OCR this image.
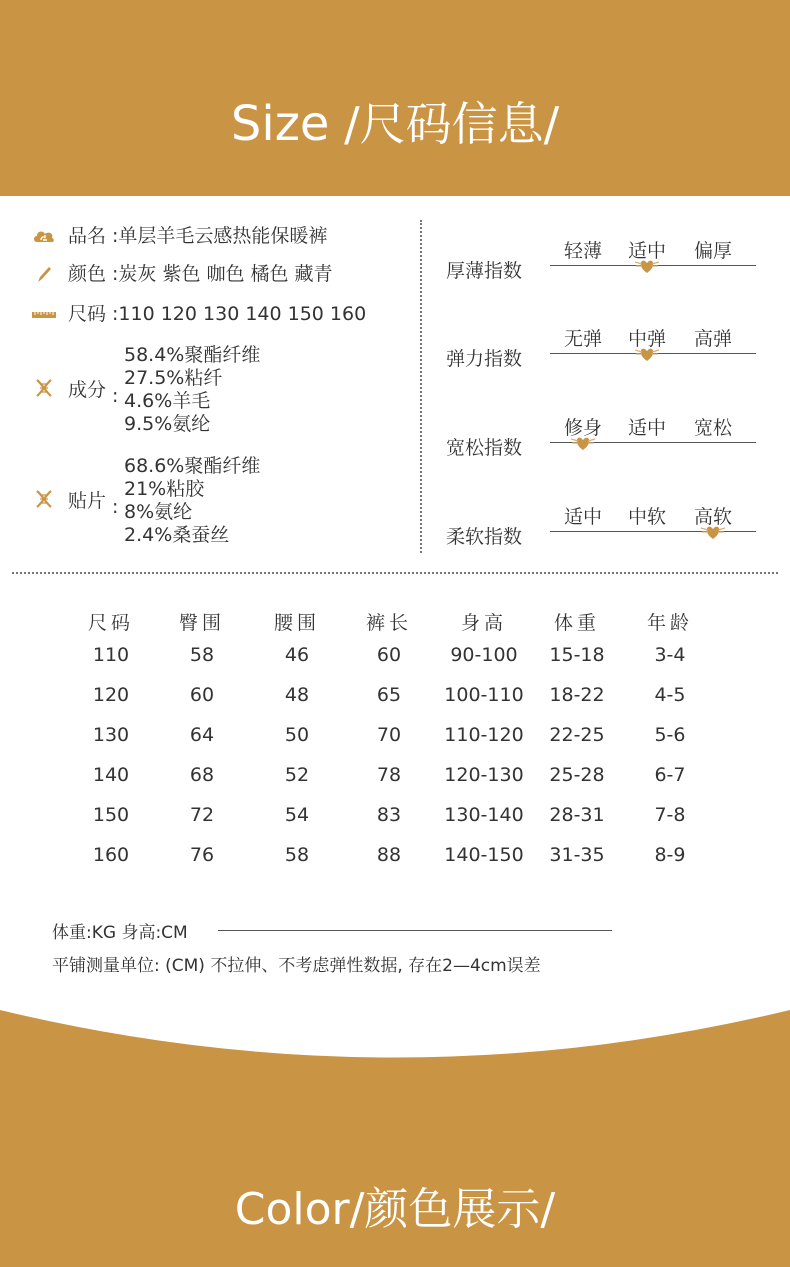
Size /尺码信息/
品名 :单层羊毛云感热能保暖裤
颜色 :炭灰 紫色 咖色 橘色 藏青
尺码 :110 120 130 140 150 160
成分 :
58.4%聚酯纤维
27.5%粘纤
4.6%羊毛
9.5%氨纶
贴片 :
68.6%聚酯纤维
21%粘胶
8%氨纶
2.4%桑蚕丝
厚薄指数
轻薄 适中 偏厚
弹力指数
无弹 中弹 高弹
宽松指数
修身 适中 宽松
柔软指数
适中 中软 高软
尺码	臀围	腰围	裤长	身高	体重	年龄
110	58	46	60	90-100	15-18	3-4
120	60	48	65	100-110	18-22	4-5
130	64	50	70	110-120	22-25	5-6
140	68	52	78	120-130	25-28	6-7
150	72	54	83	130-140	28-31	7-8
160	76	58	88	140-150	31-35	8-9
体重:KG 身高:CM
平铺测量单位: (CM) 不拉伸、不考虑弹性数据, 存在2—4cm误差
Color/颜色展示/
